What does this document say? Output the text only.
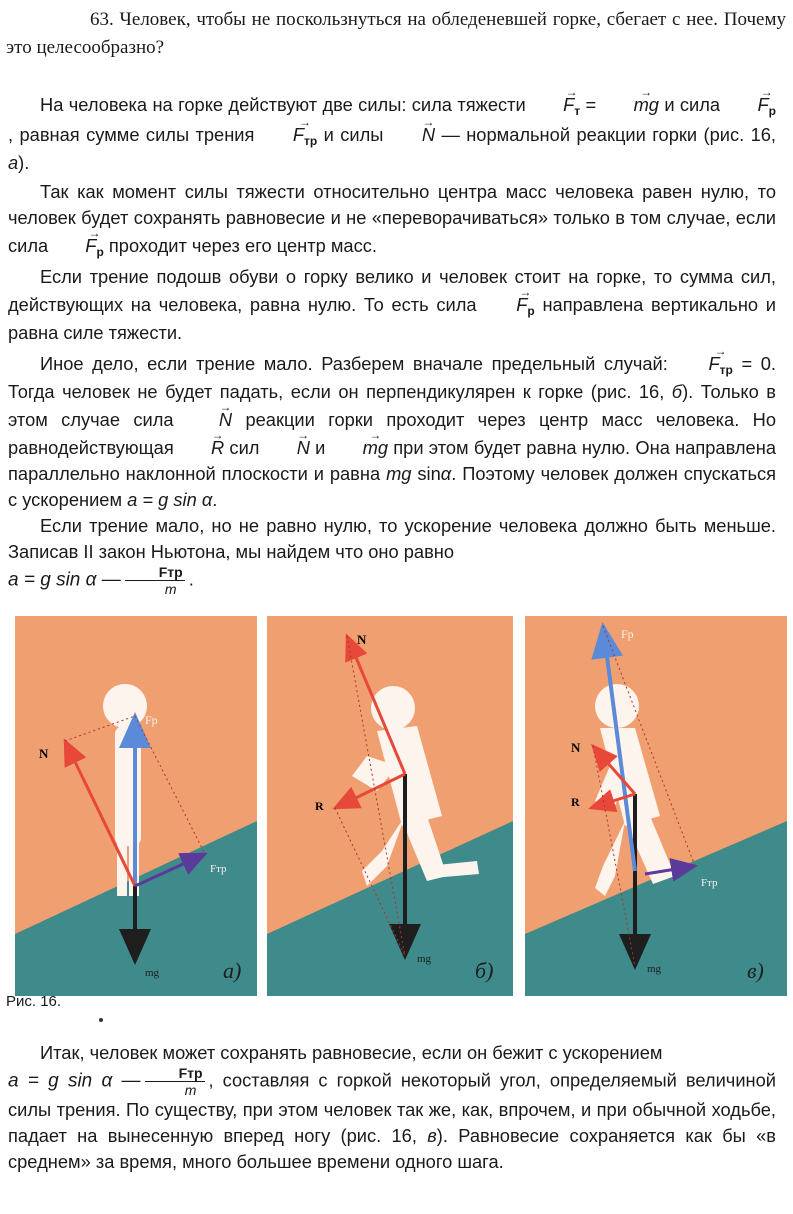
63. Человек, чтобы не поскользнуться на обледеневшей горке, сбегает с нее. Почему это целесообразно?

На человека на горке действуют две силы: сила тяжести → $F_т$ = → mg и сила → $F_р$, равная сумме силы трения → $F_{тр}$ и силы → N — нормальной реакции горки (рис. 16, а).

Так как момент силы тяжести относительно центра масс человека равен нулю, то человек будет сохранять равновесие и не «переворачиваться» только в том случае, если сила → $F_р$ проходит через его центр масс.

Если трение подошв обуви о горку велико и человек стоит на горке, то сумма сил, действующих на человека, равна нулю. То есть сила → $F_р$ направлена вертикально и равна силе тяжести.

Иное дело, если трение мало. Разберем вначале предельный случай: → $F_{тр} = 0$. Тогда человек не будет падать, если он перпендикулярен к горке (рис. 16, б). Только в этом случае сила → N реакции горки проходит через центр масс человека. Но равнодействующая → R сил → N и → mg при этом будет равна нулю. Она направлена параллельно наклонной плоскости и равна mg sinα. Поэтому человек должен спускаться с ускорением a = g sin α.

Если трение мало, но не равно нулю, то ускорение человека должно быть меньше. Записав II закон Ньютона, мы найдем что оно равно
a = g sin α — $\frac{\text{Fтр}}{m}$ .

N
Fр
Fтр
mg	а)
N
R
mg б)
Fр
N
R
Fтр
mg	в)
Рис. 16.

Итак, человек может сохранять равновесие, если он бежит с ускорением
a = g sin α — $\frac{\text{Fтр}}{m}$ , составляя с горкой некоторый угол, определяемый величиной силы трения. По существу, при этом человек так же, как, впрочем, и при обычной ходьбе, падает на вынесенную вперед ногу (рис. 16, в). Равновесие сохраняется как бы «в среднем» за время, много большее времени одного шага.
